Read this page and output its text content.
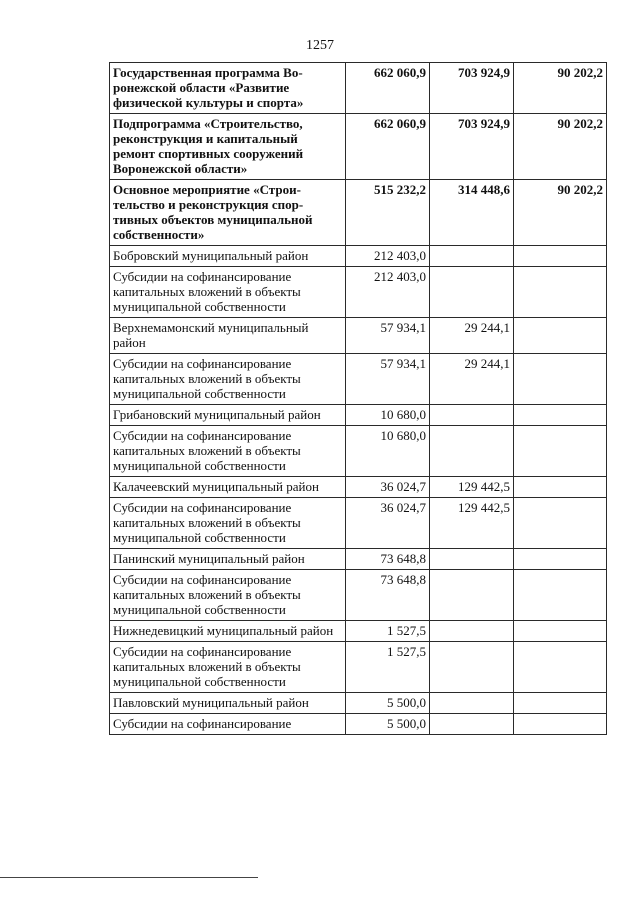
1257
Государственная программа Воронежской области «Развитие физической культуры и спорта»	662 060,9	703 924,9	90 202,2
Подпрограмма «Строительство, реконструкция и капитальный ремонт спортивных сооружений Воронежской области»	662 060,9	703 924,9	90 202,2
Основное мероприятие «Строительство и реконструкция спортивных объектов муниципальной собственности»	515 232,2	314 448,6	90 202,2
Бобровский муниципальный район	212 403,0		
Субсидии на софинансирование капитальных вложений в объекты муниципальной собственности	212 403,0		
Верхнемамонский муниципальный район	57 934,1	29 244,1	
Субсидии на софинансирование капитальных вложений в объекты муниципальной собственности	57 934,1	29 244,1	
Грибановский муниципальный район	10 680,0		
Субсидии на софинансирование капитальных вложений в объекты муниципальной собственности	10 680,0		
Калачеевский муниципальный район	36 024,7	129 442,5	
Субсидии на софинансирование капитальных вложений в объекты муниципальной собственности	36 024,7	129 442,5	
Панинский муниципальный район	73 648,8		
Субсидии на софинансирование капитальных вложений в объекты муниципальной собственности	73 648,8		
Нижнедевицкий муниципальный район	1 527,5		
Субсидии на софинансирование капитальных вложений в объекты муниципальной собственности	1 527,5		
Павловский муниципальный район	5 500,0		
Субсидии на софинансирование	5 500,0		
